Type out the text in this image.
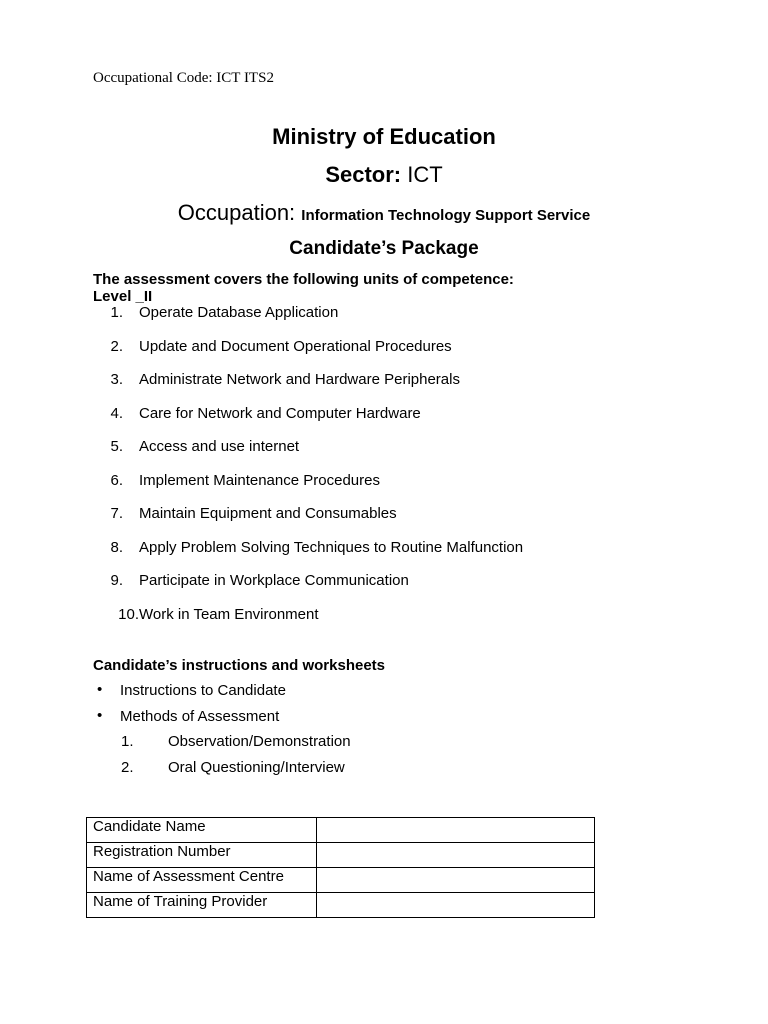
Occupational Code: ICT ITS2
Ministry of Education
Sector: ICT
Occupation: Information Technology Support Service
Candidate’s Package
The assessment covers the following units of competence:
Level _II
1.	Operate Database Application
2.	Update and Document Operational Procedures
3.	Administrate Network and Hardware Peripherals
4.	Care for Network and Computer Hardware
5.	Access and use internet
6.	Implement Maintenance Procedures
7.	Maintain Equipment and Consumables
8.	Apply Problem Solving Techniques to Routine Malfunction
9.	Participate in Workplace Communication
10. Work in Team Environment
Candidate’s instructions and worksheets
• Instructions to Candidate
• Methods of Assessment
1. Observation/Demonstration
2. Oral Questioning/Interview
Candidate Name	
Registration Number	
Name of Assessment Centre	
Name of Training Provider	
